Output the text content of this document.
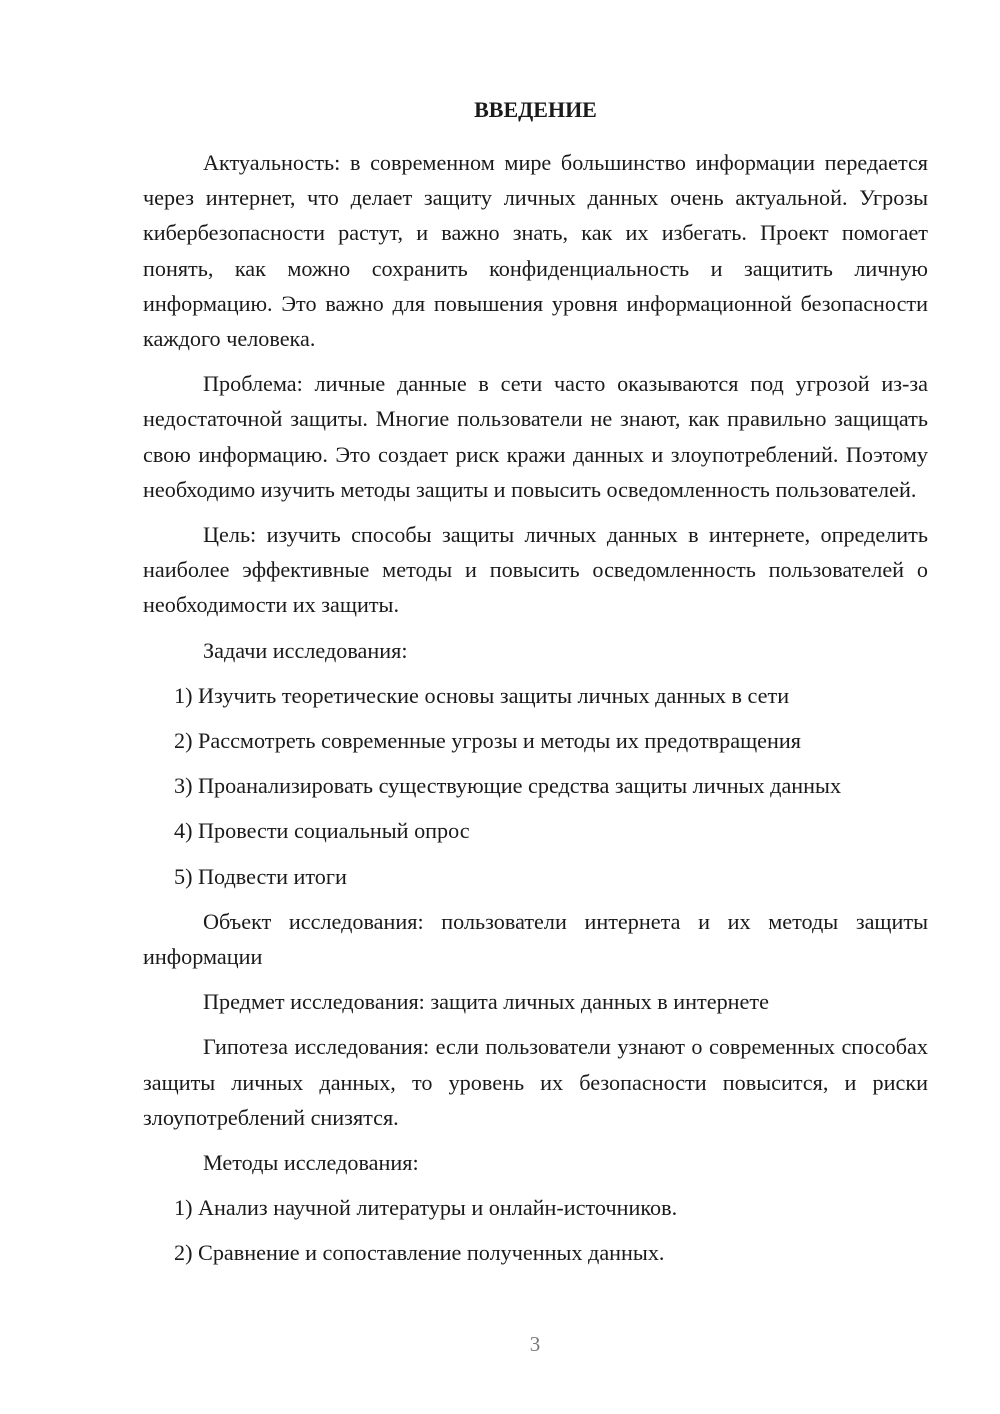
ВВЕДЕНИЕ

Актуальность: в современном мире большинство информации передается через интернет, что делает защиту личных данных очень актуальной. Угрозы кибербезопасности растут, и важно знать, как их избегать. Проект помогает понять, как можно сохранить конфиденциальность и защитить личную информацию. Это важно для повышения уровня информационной безопасности каждого человека.

Проблема: личные данные в сети часто оказываются под угрозой из-за недостаточной защиты. Многие пользователи не знают, как правильно защищать свою информацию. Это создает риск кражи данных и злоупотреблений. Поэтому необходимо изучить методы защиты и повысить осведомленность пользователей.

Цель: изучить способы защиты личных данных в интернете, определить наиболее эффективные методы и повысить осведомленность пользователей о необходимости их защиты.

Задачи исследования:

1) Изучить теоретические основы защиты личных данных в сети

2) Рассмотреть современные угрозы и методы их предотвращения

3) Проанализировать существующие средства защиты личных данных

4) Провести социальный опрос

5) Подвести итоги

Объект исследования: пользователи интернета и их методы защиты информации

Предмет исследования: защита личных данных в интернете

Гипотеза исследования: если пользователи узнают о современных способах защиты личных данных, то уровень их безопасности повысится, и риски злоупотреблений снизятся.

Методы исследования:

1) Анализ научной литературы и онлайн-источников.

2) Сравнение и сопоставление полученных данных.

3
